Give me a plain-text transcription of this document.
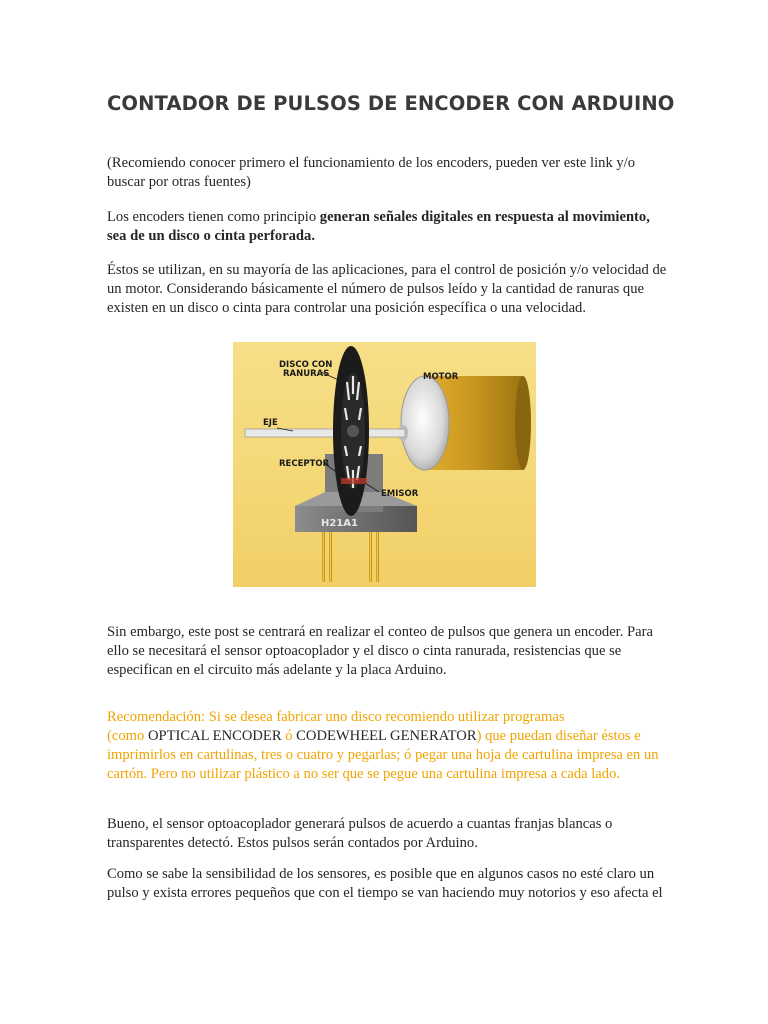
CONTADOR DE PULSOS DE ENCODER CON ARDUINO

(Recomiendo conocer primero el funcionamiento de los encoders, pueden ver este link y/o
buscar por otras fuentes)

Los encoders tienen como principio generan señales digitales en respuesta al movimiento,
sea de un disco o cinta perforada.

Éstos se utilizan, en su mayoría de las aplicaciones, para el control de posición y/o velocidad de
un motor. Considerando básicamente el número de pulsos leído y la cantidad de ranuras que
existen en un disco o cinta para controlar una posición específica o una velocidad.

H21A1
DISCO CON
RANURAS	MOTOR
EJE
RECEPTOR
EMISOR

Sin embargo, este post se centrará en realizar el conteo de pulsos que genera un encoder. Para
ello se necesitará el sensor optoacoplador y el disco o cinta ranurada, resistencias que se
especifican en el circuito más adelante y la placa Arduino.

Recomendación: Si se desea fabricar uno disco recomiendo utilizar programas
(como OPTICAL ENCODER ó CODEWHEEL GENERATOR) que puedan diseñar éstos e
imprimirlos en cartulinas, tres o cuatro y pegarlas; ó pegar una hoja de cartulina impresa en un
cartón. Pero no utilizar plástico a no ser que se pegue una cartulina impresa a cada lado.

Bueno, el sensor optoacoplador generará pulsos de acuerdo a cuantas franjas blancas o
transparentes detectó. Estos pulsos serán contados por Arduino.

Como se sabe la sensibilidad de los sensores, es posible que en algunos casos no esté claro un
pulso y exista errores pequeños que con el tiempo se van haciendo muy notorios y eso afecta el
